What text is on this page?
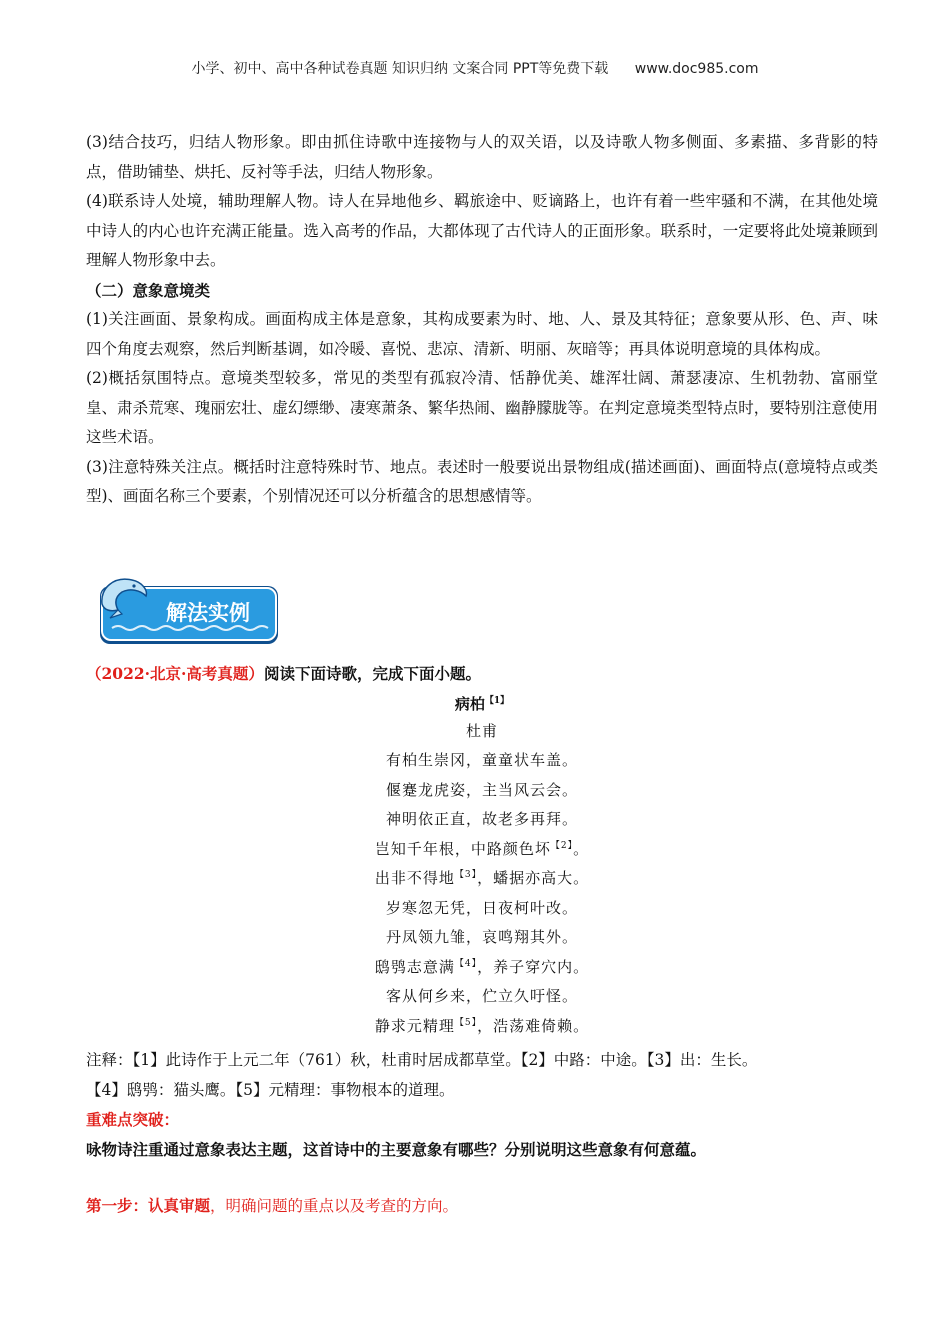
小学、初中、高中各种试卷真题 知识归纳 文案合同 PPT等免费下载 www.doc985.com

(3)结合技巧，归结人物形象。即由抓住诗歌中连接物与人的双关语，以及诗歌人物多侧面、多素描、多背影的特点，借助铺垫、烘托、反衬等手法，归结人物形象。

(4)联系诗人处境，辅助理解人物。诗人在异地他乡、羁旅途中、贬谪路上，也许有着一些牢骚和不满，在其他处境中诗人的内心也许充满正能量。选入高考的作品，大都体现了古代诗人的正面形象。联系时，一定要将此处境兼顾到理解人物形象中去。

（二）意象意境类

(1)关注画面、景象构成。画面构成主体是意象，其构成要素为时、地、人、景及其特征；意象要从形、色、声、味四个角度去观察，然后判断基调，如冷暖、喜悦、悲凉、清新、明丽、灰暗等；再具体说明意境的具体构成。

(2)概括氛围特点。意境类型较多，常见的类型有孤寂冷清、恬静优美、雄浑壮阔、萧瑟凄凉、生机勃勃、富丽堂皇、肃杀荒寒、瑰丽宏壮、虚幻缥缈、凄寒萧条、繁华热闹、幽静朦胧等。在判定意境类型特点时，要特别注意使用这些术语。

(3)注意特殊关注点。概括时注意特殊时节、地点。表述时一般要说出景物组成(描述画面)、画面特点(意境特点或类型)、画面名称三个要素，个别情况还可以分析蕴含的思想感情等。

解法实例
（2022·北京·高考真题）阅读下面诗歌，完成下面小题。
病柏$^{【1】}$
杜甫
有柏生崇冈，童童状车盖。
偃蹇龙虎姿，主当风云会。
神明依正直，故老多再拜。
岂知千年根，中路颜色坏$^{【2】}$。
出非不得地$^{【3】}$，蟠据亦高大。
岁寒忽无凭，日夜柯叶改。
丹凤领九雏，哀鸣翔其外。
鸱鸮志意满$^{【4】}$，养子穿穴内。
客从何乡来，伫立久吁怪。
静求元精理$^{【5】}$，浩荡难倚赖。
注释：【1】此诗作于上元二年（761）秋，杜甫时居成都草堂。【2】中路：中途。【3】出：生长。
【4】鸱鸮：猫头鹰。【5】元精理：事物根本的道理。
重难点突破：
咏物诗注重通过意象表达主题，这首诗中的主要意象有哪些？分别说明这些意象有何意蕴。
第一步：认真审题，明确问题的重点以及考查的方向。
